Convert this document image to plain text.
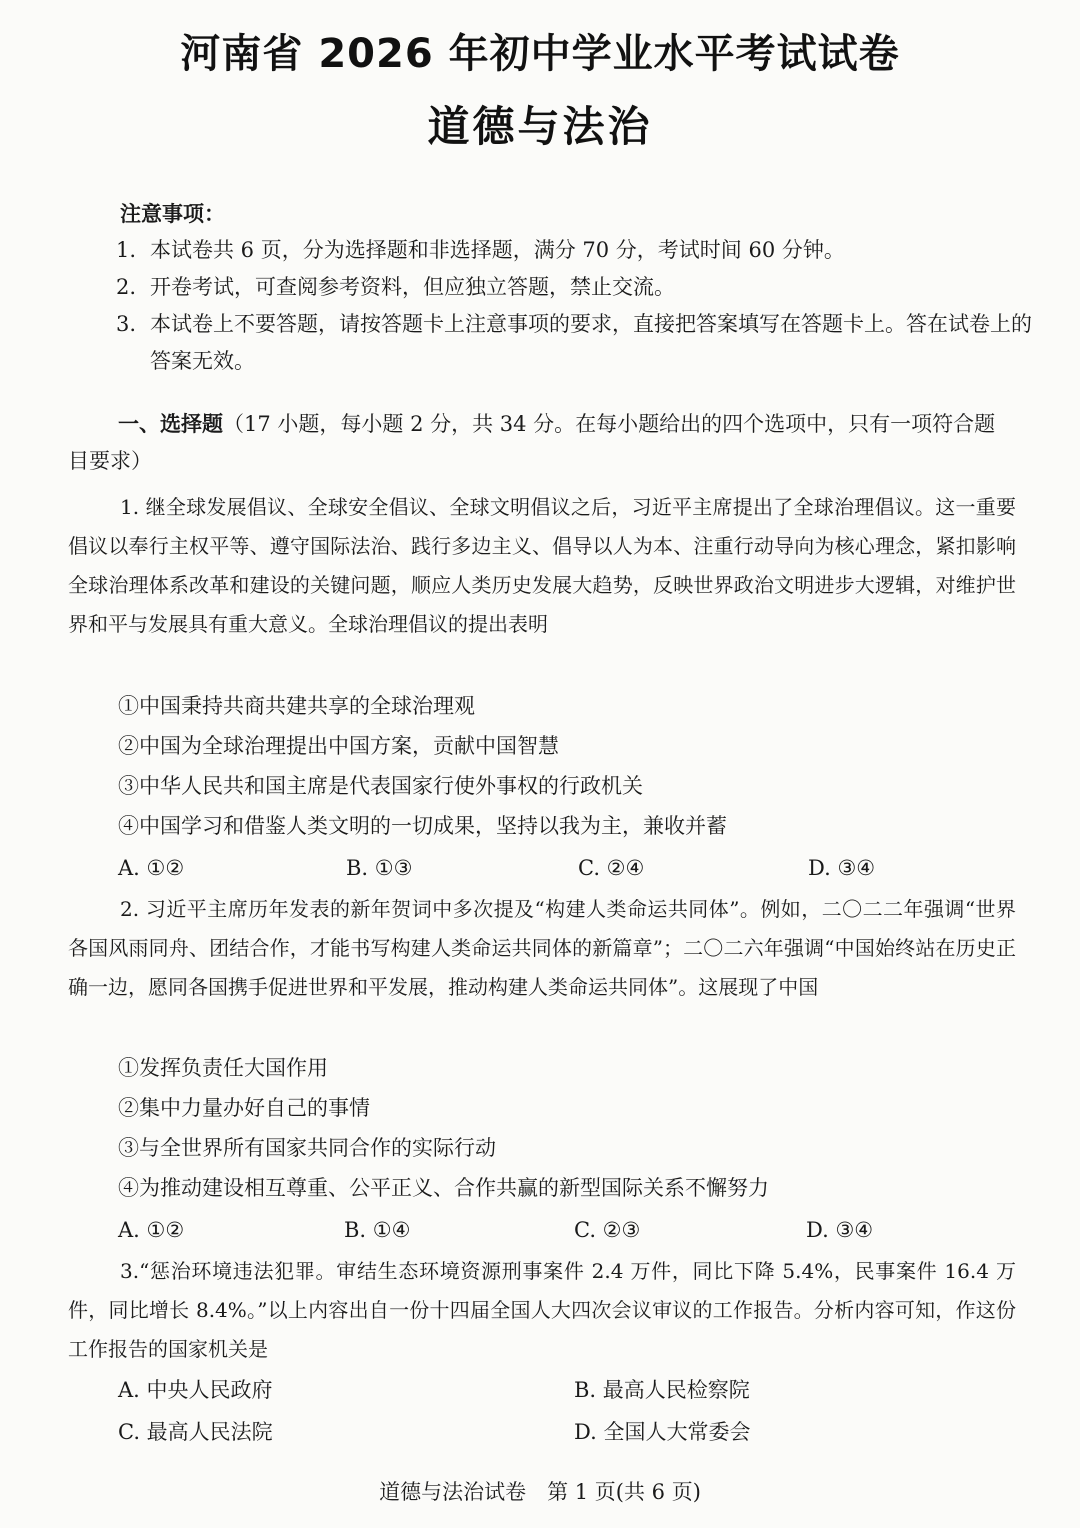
河南省 2026 年初中学业水平考试试卷
道德与法治
注意事项：
1. 本试卷共 6 页，分为选择题和非选择题，满分 70 分，考试时间 60 分钟。
2. 开卷考试，可查阅参考资料，但应独立答题，禁止交流。
3. 本试卷上不要答题，请按答题卡上注意事项的要求，直接把答案填写在答题卡上。答在试卷上的答案无效。
一、选择题（17 小题，每小题 2 分，共 34 分。在每小题给出的四个选项中，只有一项符合题目要求）

1. 继全球发展倡议、全球安全倡议、全球文明倡议之后，习近平主席提出了全球治理倡议。这一重要倡议以奉行主权平等、遵守国际法治、践行多边主义、倡导以人为本、注重行动导向为核心理念，紧扣影响全球治理体系改革和建设的关键问题，顺应人类历史发展大趋势，反映世界政治文明进步大逻辑，对维护世界和平与发展具有重大意义。全球治理倡议的提出表明

①中国秉持共商共建共享的全球治理观
②中国为全球治理提出中国方案，贡献中国智慧
③中华人民共和国主席是代表国家行使外事权的行政机关
④中国学习和借鉴人类文明的一切成果，坚持以我为主，兼收并蓄
A. ①②	B. ①③	C. ②④	D. ③④

2. 习近平主席历年发表的新年贺词中多次提及“构建人类命运共同体”。例如，二〇二二年强调“世界各国风雨同舟、团结合作，才能书写构建人类命运共同体的新篇章”；二〇二六年强调“中国始终站在历史正确一边，愿同各国携手促进世界和平发展，推动构建人类命运共同体”。这展现了中国

①发挥负责任大国作用
②集中力量办好自己的事情
③与全世界所有国家共同合作的实际行动
④为推动建设相互尊重、公平正义、合作共赢的新型国际关系不懈努力
A. ①②	B. ①④	C. ②③	D. ③④

3.“惩治环境违法犯罪。审结生态环境资源刑事案件 2.4 万件，同比下降 5.4%，民事案件 16.4 万件，同比增长 8.4%。”以上内容出自一份十四届全国人大四次会议审议的工作报告。分析内容可知，作这份工作报告的国家机关是

A. 中央人民政府	B. 最高人民检察院
C. 最高人民法院	D. 全国人大常委会
道德与法治试卷　第 1 页(共 6 页)
